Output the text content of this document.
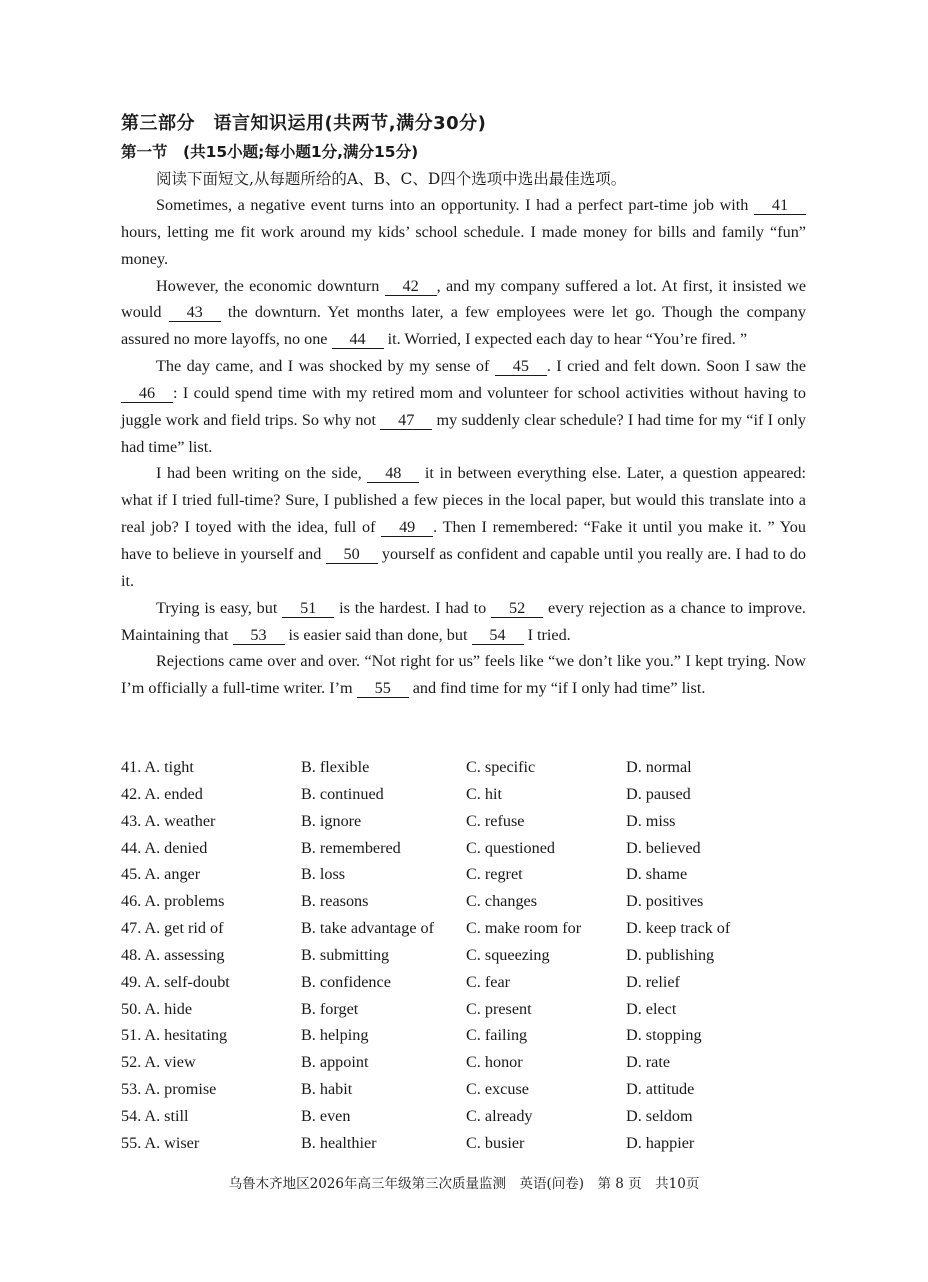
第三部分　语言知识运用(共两节,满分30分)
第一节　(共15小题;每小题1分,满分15分)
阅读下面短文,从每题所给的A、B、C、D四个选项中选出最佳选项。

Sometimes, a negative event turns into an opportunity. I had a perfect part-time job with 41 hours, letting me fit work around my kids’ school schedule. I made money for bills and family “fun” money.

However, the economic downturn 42 , and my company suffered a lot. At first, it insisted we would 43 the downturn. Yet months later, a few employees were let go. Though the company assured no more layoffs, no one 44 it. Worried, I expected each day to hear “You’re fired. ”

The day came, and I was shocked by my sense of 45 . I cried and felt down. Soon I saw the 46 : I could spend time with my retired mom and volunteer for school activities without having to juggle work and field trips. So why not 47 my suddenly clear schedule? I had time for my “if I only had time” list.

I had been writing on the side, 48 it in between everything else. Later, a question appeared: what if I tried full-time? Sure, I published a few pieces in the local paper, but would this translate into a real job? I toyed with the idea, full of 49 . Then I remembered: “Fake it until you make it. ” You have to believe in yourself and 50 yourself as confident and capable until you really are. I had to do it.

Trying is easy, but 51 is the hardest. I had to 52 every rejection as a chance to improve. Maintaining that 53 is easier said than done, but 54 I tried.

Rejections came over and over. “Not right for us” feels like “we don’t like you.” I kept trying. Now I’m officially a full-time writer. I’m 55 and find time for my “if I only had time” list.

41. A. tight	B. flexible	C. specific	D. normal
42. A. ended	B. continued	C. hit	D. paused
43. A. weather	B. ignore	C. refuse	D. miss
44. A. denied	B. remembered	C. questioned	D. believed
45. A. anger	B. loss	C. regret	D. shame
46. A. problems	B. reasons	C. changes	D. positives
47. A. get rid of	B. take advantage of C. make room for	D. keep track of
48. A. assessing	B. submitting	C. squeezing	D. publishing
49. A. self-doubt	B. confidence	C. fear	D. relief
50. A. hide	B. forget	C. present	D. elect
51. A. hesitating	B. helping	C. failing	D. stopping
52. A. view	B. appoint	C. honor	D. rate
53. A. promise	B. habit	C. excuse	D. attitude
54. A. still	B. even	C. already	D. seldom
55. A. wiser	B. healthier	C. busier	D. happier
乌鲁木齐地区2026年高三年级第三次质量监测　英语(问卷)　第 8 页　共10页
